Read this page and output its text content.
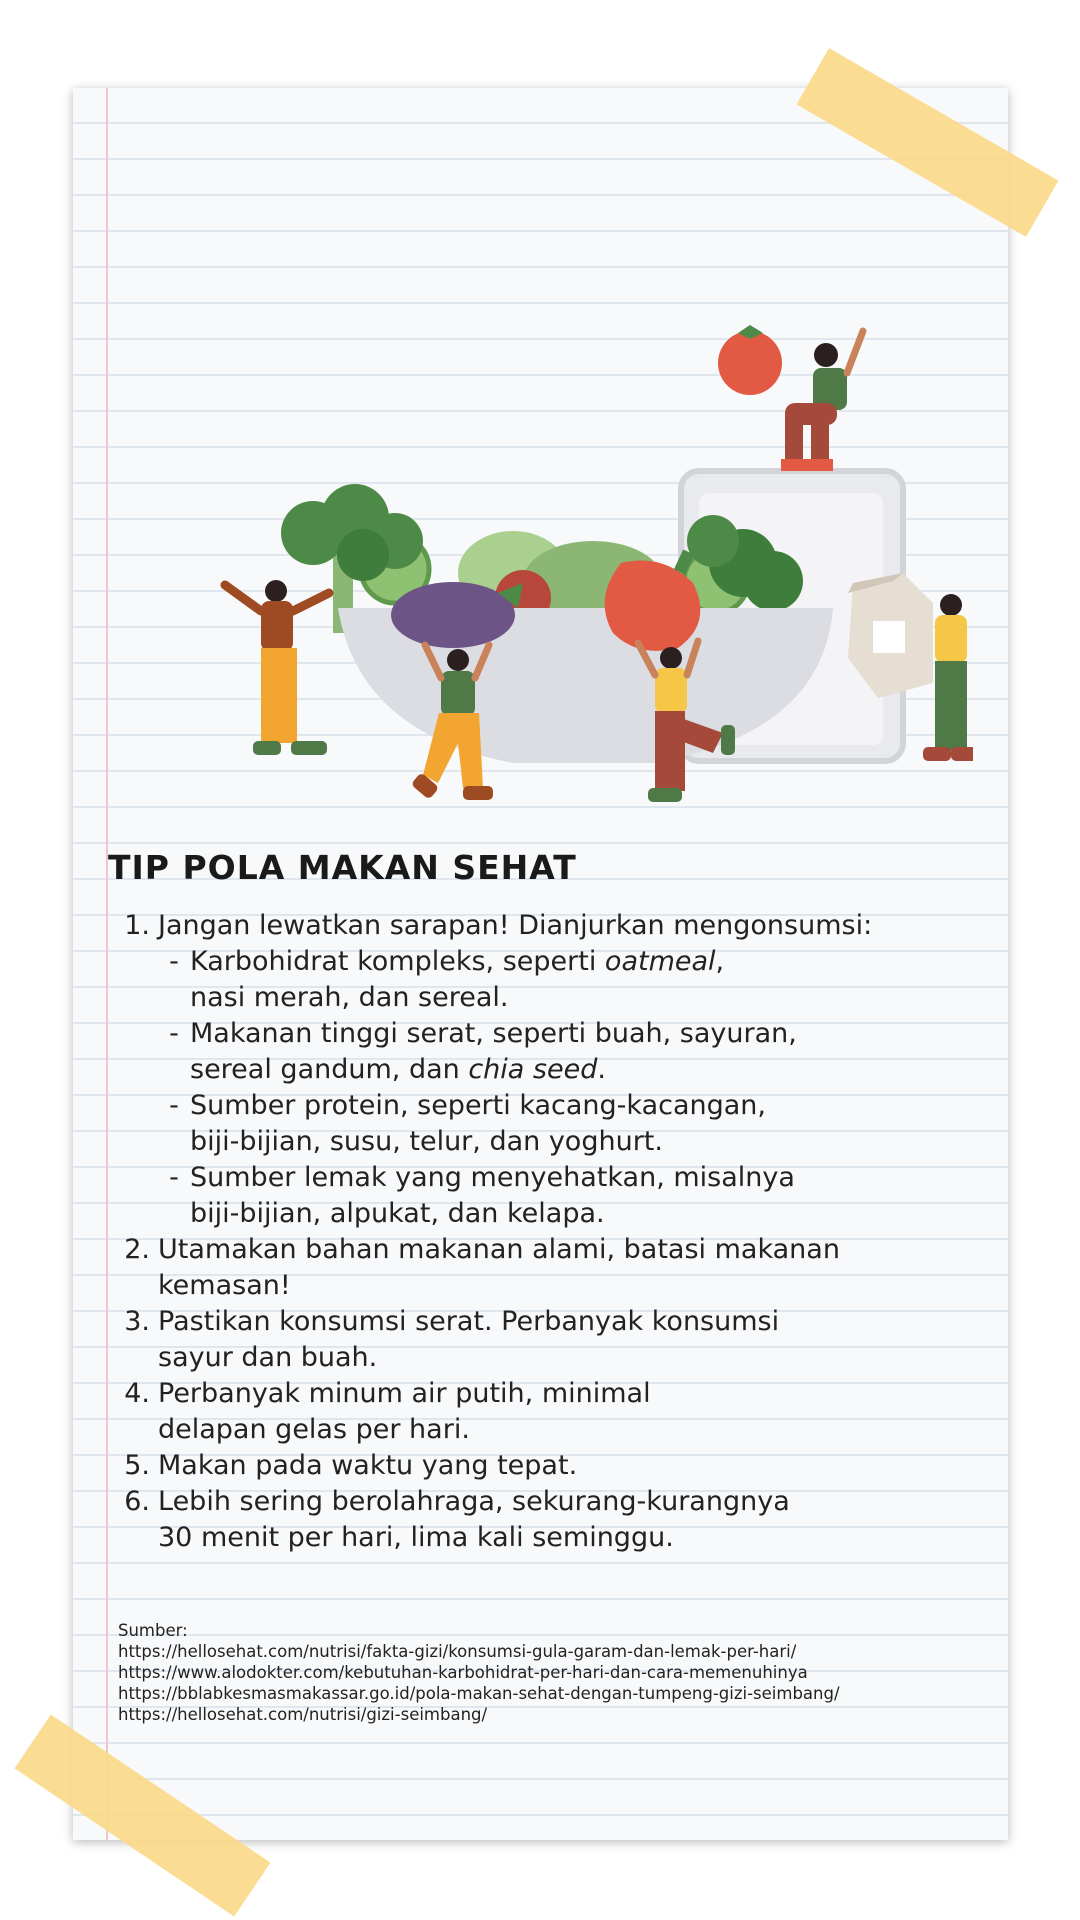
TIP POLA MAKAN SEHAT
1. Jangan lewatkan sarapan! Dianjurkan mengonsumsi:
- Karbohidrat kompleks, seperti oatmeal,
nasi merah, dan sereal.
- Makanan tinggi serat, seperti buah, sayuran,
sereal gandum, dan chia seed.
- Sumber protein, seperti kacang-kacangan,
biji-bijian, susu, telur, dan yoghurt.
- Sumber lemak yang menyehatkan, misalnya
biji-bijian, alpukat, dan kelapa.
2. Utamakan bahan makanan alami, batasi makanan
kemasan!
3. Pastikan konsumsi serat. Perbanyak konsumsi
sayur dan buah.
4. Perbanyak minum air putih, minimal
delapan gelas per hari.
5. Makan pada waktu yang tepat.
6. Lebih sering berolahraga, sekurang-kurangnya
30 menit per hari, lima kali seminggu.
Sumber:
https://hellosehat.com/nutrisi/fakta-gizi/konsumsi-gula-garam-dan-lemak-per-hari/
https://www.alodokter.com/kebutuhan-karbohidrat-per-hari-dan-cara-memenuhinya
https://bblabkesmasmakassar.go.id/pola-makan-sehat-dengan-tumpeng-gizi-seimbang/
https://hellosehat.com/nutrisi/gizi-seimbang/
